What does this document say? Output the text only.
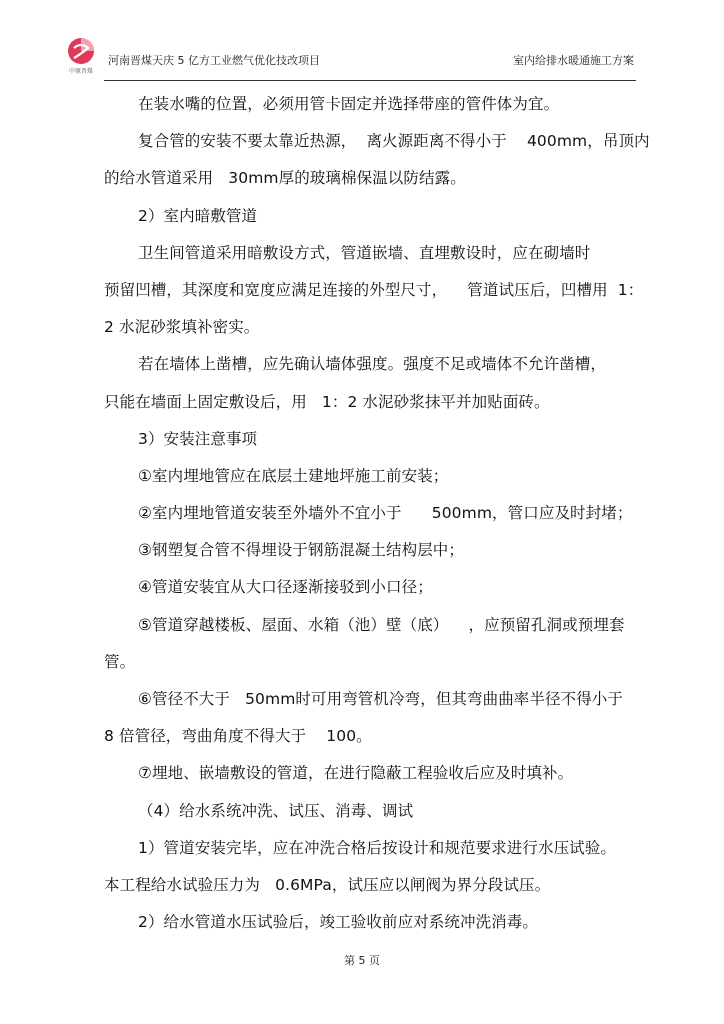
中原晋煤
河南晋煤天庆 5 亿方工业燃气优化技改项目	室内给排水暖通施工方案
在装水嘴的位置，必须用管卡固定并选择带座的管件体为宜。
复合管的安装不要太靠近热源，  离火源距离不得小于    400mm，吊顶内
的给水管道采用   30mm厚的玻璃棉保温以防结露。
2）室内暗敷管道
卫生间管道采用暗敷设方式，管道嵌墙、直埋敷设时，应在砌墙时
预留凹槽，其深度和宽度应满足连接的外型尺寸，    管道试压后，凹槽用  1：
2 水泥砂浆填补密实。
若在墙体上凿槽，应先确认墙体强度。强度不足或墙体不允许凿槽，
只能在墙面上固定敷设后，用   1：2 水泥砂浆抹平并加贴面砖。
3）安装注意事项
①室内埋地管应在底层土建地坪施工前安装；
②室内埋地管道安装至外墙外不宜小于      500mm，管口应及时封堵；
③钢塑复合管不得埋设于钢筋混凝土结构层中；
④管道安装宜从大口径逐渐接驳到小口径；
⑤管道穿越楼板、屋面、水箱（池）壁（底）    ，应预留孔洞或预埋套
管。
⑥管径不大于   50mm时可用弯管机冷弯，但其弯曲曲率半径不得小于
8 倍管径，弯曲角度不得大于    100。
⑦埋地、嵌墙敷设的管道，在进行隐蔽工程验收后应及时填补。
（4）给水系统冲洗、试压、消毒、调试
1）管道安装完毕，应在冲洗合格后按设计和规范要求进行水压试验。
本工程给水试验压力为   0.6MPa，试压应以闸阀为界分段试压。
2）给水管道水压试验后，竣工验收前应对系统冲洗消毒。
第 5 页
